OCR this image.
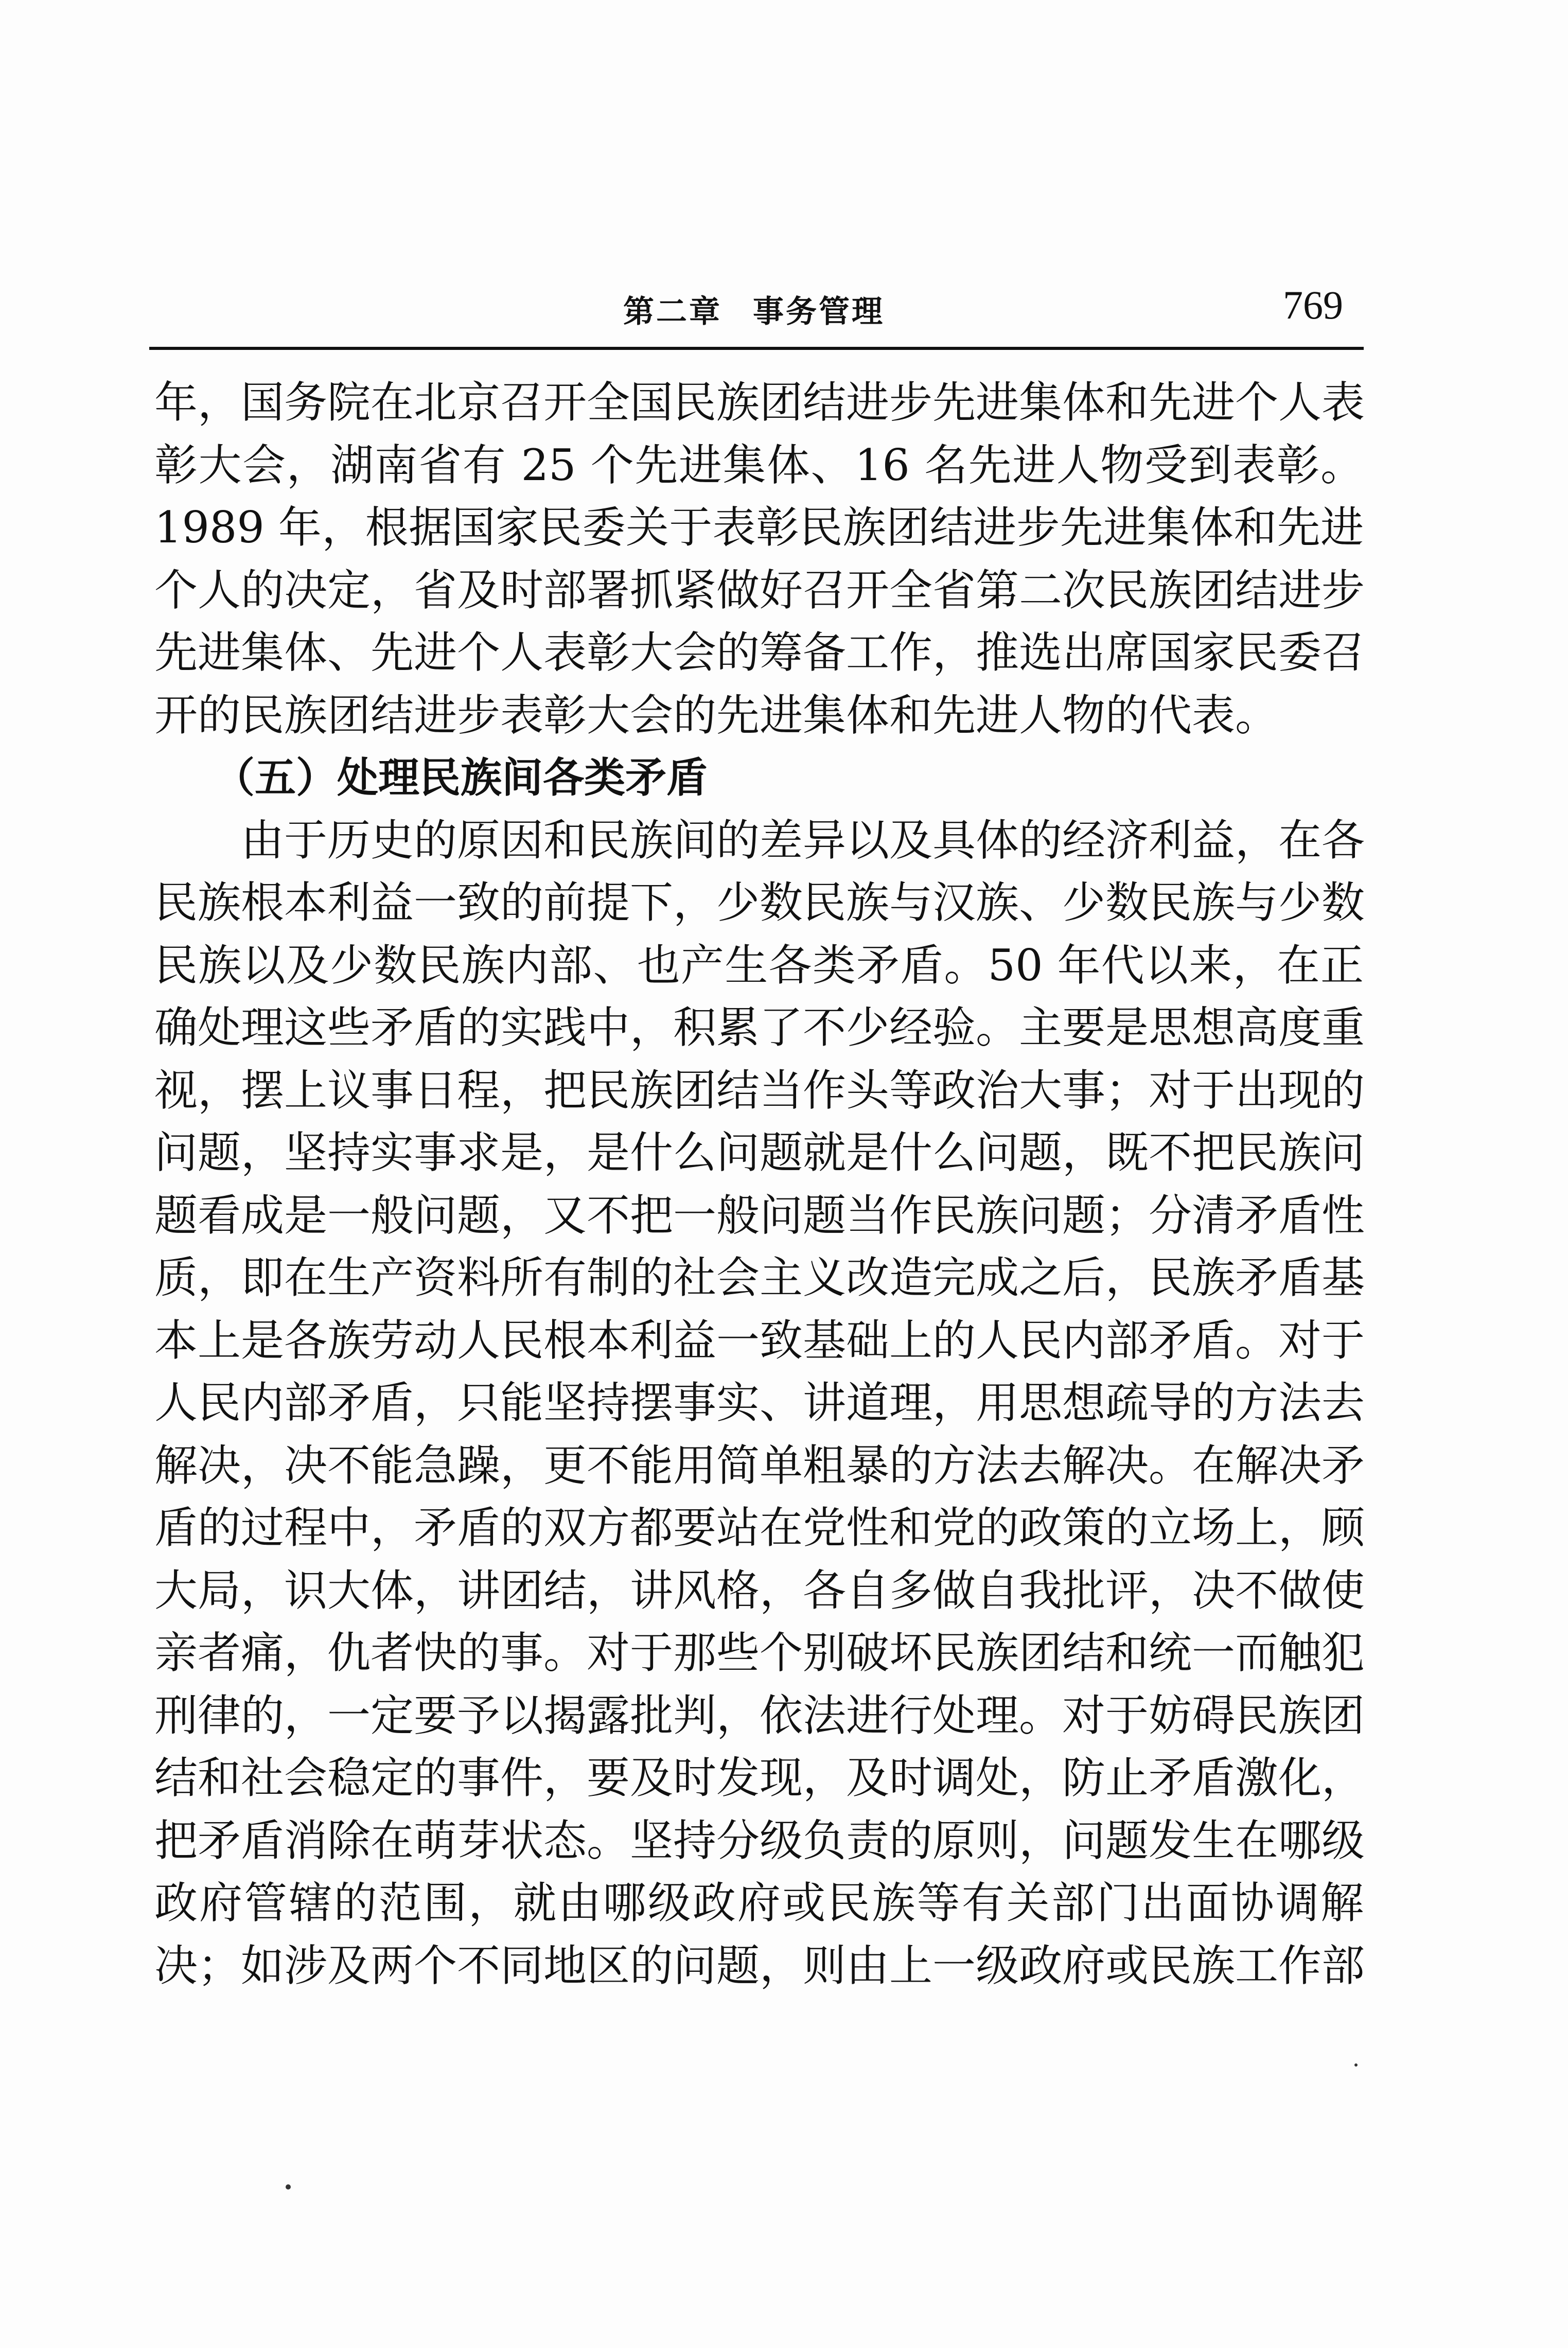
第二章 事务管理	769
年，国务院在北京召开全国民族团结进步先进集体和先进个人表
彰大会，湖南省有 25 个先进集体、16 名先进人物受到表彰。
1989 年，根据国家民委关于表彰民族团结进步先进集体和先进
个人的决定，省及时部署抓紧做好召开全省第二次民族团结进步
先进集体、先进个人表彰大会的筹备工作，推选出席国家民委召
开的民族团结进步表彰大会的先进集体和先进人物的代表。
（五）处理民族间各类矛盾
由于历史的原因和民族间的差异以及具体的经济利益，在各
民族根本利益一致的前提下，少数民族与汉族、少数民族与少数
民族以及少数民族内部、也产生各类矛盾。50 年代以来，在正
确处理这些矛盾的实践中，积累了不少经验。主要是思想高度重
视，摆上议事日程，把民族团结当作头等政治大事；对于出现的
问题，坚持实事求是，是什么问题就是什么问题，既不把民族问
题看成是一般问题，又不把一般问题当作民族问题；分清矛盾性
质，即在生产资料所有制的社会主义改造完成之后，民族矛盾基
本上是各族劳动人民根本利益一致基础上的人民内部矛盾。对于
人民内部矛盾，只能坚持摆事实、讲道理，用思想疏导的方法去
解决，决不能急躁，更不能用简单粗暴的方法去解决。在解决矛
盾的过程中，矛盾的双方都要站在党性和党的政策的立场上，顾
大局，识大体，讲团结，讲风格，各自多做自我批评，决不做使
亲者痛，仇者快的事。对于那些个别破坏民族团结和统一而触犯
刑律的，一定要予以揭露批判，依法进行处理。对于妨碍民族团
结和社会稳定的事件，要及时发现，及时调处，防止矛盾激化，
把矛盾消除在萌芽状态。坚持分级负责的原则，问题发生在哪级
政府管辖的范围，就由哪级政府或民族等有关部门出面协调解
决；如涉及两个不同地区的问题，则由上一级政府或民族工作部
